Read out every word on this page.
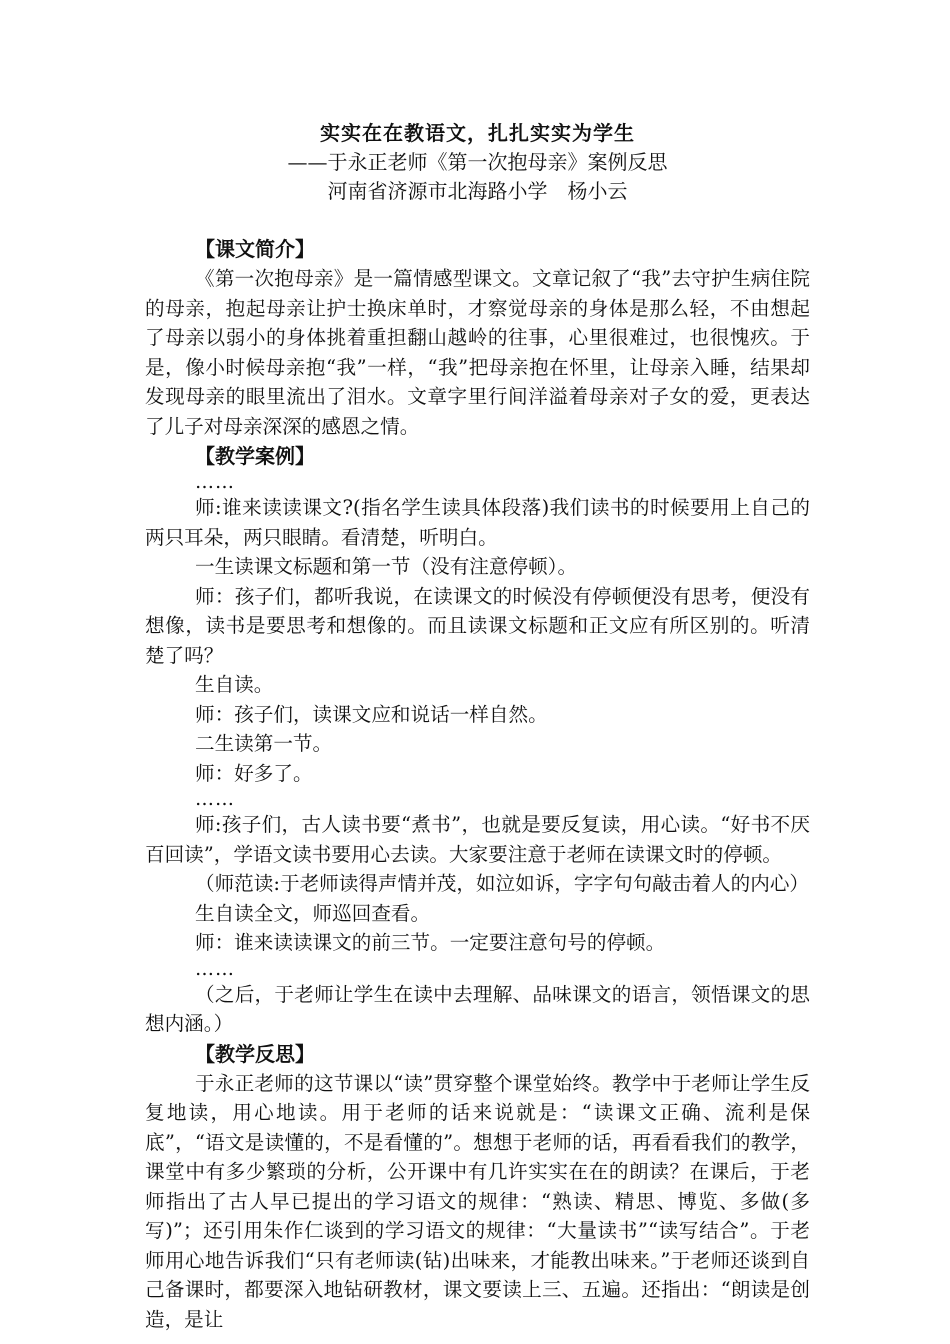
实实在在教语文，扎扎实实为学生
——于永正老师《第一次抱母亲》案例反思
河南省济源市北海路小学　杨小云

【课文简介】

《第一次抱母亲》是一篇情感型课文。文章记叙了“我”去守护生病住院的母亲，抱起母亲让护士换床单时，才察觉母亲的身体是那么轻，不由想起了母亲以弱小的身体挑着重担翻山越岭的往事，心里很难过，也很愧疚。于是，像小时候母亲抱“我”一样，“我”把母亲抱在怀里，让母亲入睡，结果却发现母亲的眼里流出了泪水。文章字里行间洋溢着母亲对子女的爱，更表达了儿子对母亲深深的感恩之情。

【教学案例】

……

师:谁来读读课文?(指名学生读具体段落)我们读书的时候要用上自己的两只耳朵，两只眼睛。看清楚，听明白。

一生读课文标题和第一节（没有注意停顿）。

师：孩子们，都听我说，在读课文的时候没有停顿便没有思考，便没有想像，读书是要思考和想像的。而且读课文标题和正文应有所区别的。听清楚了吗？

生自读。

师：孩子们，读课文应和说话一样自然。

二生读第一节。

师：好多了。

……

师:孩子们，古人读书要“煮书”，也就是要反复读，用心读。“好书不厌百回读”，学语文读书要用心去读。大家要注意于老师在读课文时的停顿。

（师范读:于老师读得声情并茂，如泣如诉，字字句句敲击着人的内心）

生自读全文，师巡回查看。

师：谁来读读课文的前三节。一定要注意句号的停顿。

……

（之后，于老师让学生在读中去理解、品味课文的语言，领悟课文的思想内涵。）

【教学反思】

于永正老师的这节课以“读”贯穿整个课堂始终。教学中于老师让学生反复地读，用心地读。用于老师的话来说就是：“读课文正确、流利是保底”，“语文是读懂的，不是看懂的”。想想于老师的话，再看看我们的教学，课堂中有多少繁琐的分析，公开课中有几许实实在在的朗读？在课后，于老师指出了古人早已提出的学习语文的规律：“熟读、精思、博览、多做(多写)”；还引用朱作仁谈到的学习语文的规律：“大量读书”“读写结合”。于老师用心地告诉我们“只有老师读(钻)出味来，才能教出味来。”于老师还谈到自己备课时，都要深入地钻研教材，课文要读上三、五遍。还指出：“朗读是创造，是让
